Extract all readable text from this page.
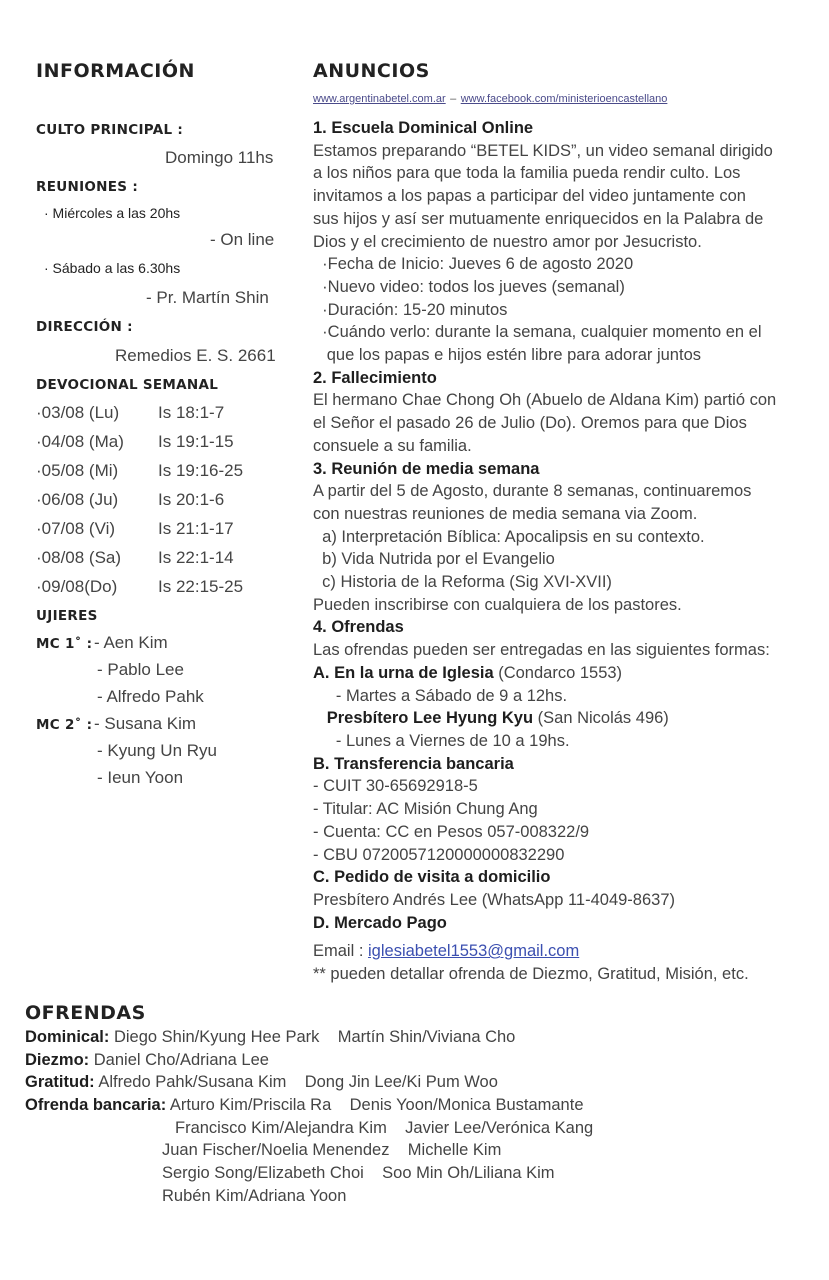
INFORMACIÓN
CULTO PRINCIPAL :
Domingo 11hs
REUNIONES :
· Miércoles a las 20hs
- On line
· Sábado a las 6.30hs
- Pr. Martín Shin
DIRECCIÓN :
Remedios E. S. 2661
DEVOCIONAL SEMANAL
·03/08 (Lu) Is 18:1-7
·04/08 (Ma) Is 19:1-15
·05/08 (Mi) Is 19:16-25
·06/08 (Ju) Is 20:1-6
·07/08 (Vi)	Is 21:1-17
·08/08 (Sa) Is 22:1-14
·09/08(Do) Is 22:15-25
UJIERES
MC 1˚ : - Aen Kim
- Pablo Lee
- Alfredo Pahk
MC 2˚ : - Susana Kim
- Kyung Un Ryu
- Ieun Yoon
ANUNCIOS
www.argentinabetel.com.ar – www.facebook.com/ministerioencastellano
1. Escuela Dominical Online
Estamos preparando “BETEL KIDS”, un video semanal dirigido
a los niños para que toda la familia pueda rendir culto. Los
invitamos a los papas a participar del video juntamente con
sus hijos y así ser mutuamente enriquecidos en la Palabra de
Dios y el crecimiento de nuestro amor por Jesucristo.
·Fecha de Inicio: Jueves 6 de agosto 2020
·Nuevo video: todos los jueves (semanal)
·Duración: 15-20 minutos
·Cuándo verlo: durante la semana, cualquier momento en el
que los papas e hijos estén libre para adorar juntos
2. Fallecimiento
El hermano Chae Chong Oh (Abuelo de Aldana Kim) partió con
el Señor el pasado 26 de Julio (Do). Oremos para que Dios
consuele a su familia.
3. Reunión de media semana
A partir del 5 de Agosto, durante 8 semanas, continuaremos
con nuestras reuniones de media semana via Zoom.
a) Interpretación Bíblica: Apocalipsis en su contexto.
b) Vida Nutrida por el Evangelio
c) Historia de la Reforma (Sig XVI-XVII)
Pueden inscribirse con cualquiera de los pastores.
4. Ofrendas
Las ofrendas pueden ser entregadas en las siguientes formas:
A. En la urna de Iglesia (Condarco 1553)
- Martes a Sábado de 9 a 12hs.
Presbítero Lee Hyung Kyu (San Nicolás 496)
- Lunes a Viernes de 10 a 19hs.
B. Transferencia bancaria
- CUIT 30-65692918-5
- Titular: AC Misión Chung Ang
- Cuenta: CC en Pesos 057-008322/9
- CBU 0720057120000000832290
C. Pedido de visita a domicilio
Presbítero Andrés Lee (WhatsApp 11-4049-8637)
D. Mercado Pago
Email : iglesiabetel1553@gmail.com
** pueden detallar ofrenda de Diezmo, Gratitud, Misión, etc.
OFRENDAS
Dominical: Diego Shin/Kyung Hee Park    Martín Shin/Viviana Cho
Diezmo: Daniel Cho/Adriana Lee
Gratitud: Alfredo Pahk/Susana Kim    Dong Jin Lee/Ki Pum Woo
Ofrenda bancaria: Arturo Kim/Priscila Ra    Denis Yoon/Monica Bustamante
Francisco Kim/Alejandra Kim    Javier Lee/Verónica Kang
Juan Fischer/Noelia Menendez    Michelle Kim
Sergio Song/Elizabeth Choi    Soo Min Oh/Liliana Kim
Rubén Kim/Adriana Yoon
